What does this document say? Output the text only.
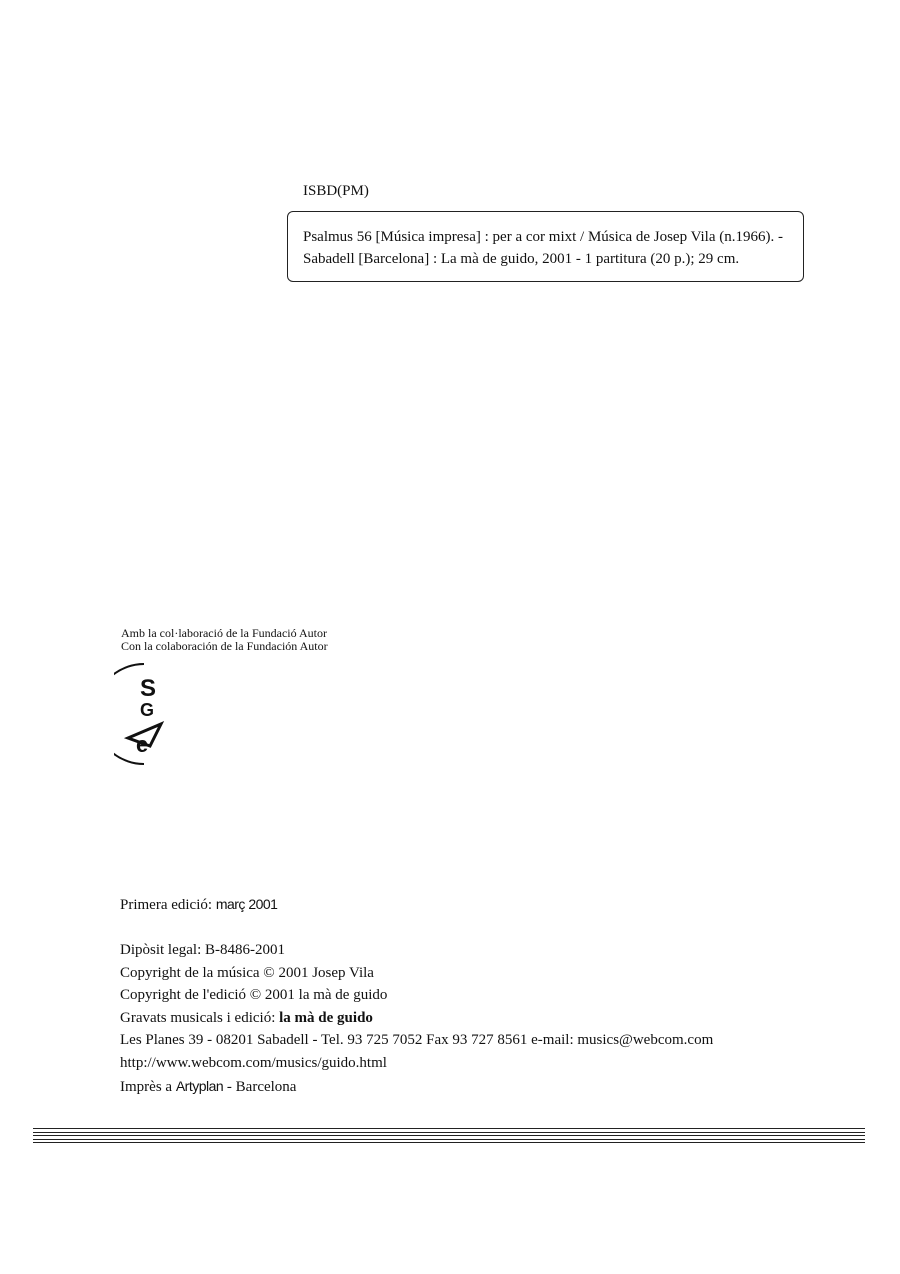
ISBD(PM)
Psalmus 56 [Música impresa] : per a cor mixt / Música de Josep Vila (n.1966). -
Sabadell [Barcelona] : La mà de guido, 2001 - 1 partitura (20 p.); 29 cm.
Amb la col·laboració de la Fundació Autor
Con la colaboración de la Fundación Autor
S
G
e
Primera edició: març 2001
Dipòsit legal: B-8486-2001
Copyright de la música © 2001 Josep Vila
Copyright de l'edició © 2001 la mà de guido
Gravats musicals i edició: la mà de guido
Les Planes 39 - 08201 Sabadell - Tel. 93 725 7052 Fax 93 727 8561 e-mail: musics@webcom.com
http://www.webcom.com/musics/guido.html
Imprès a Artyplan - Barcelona
